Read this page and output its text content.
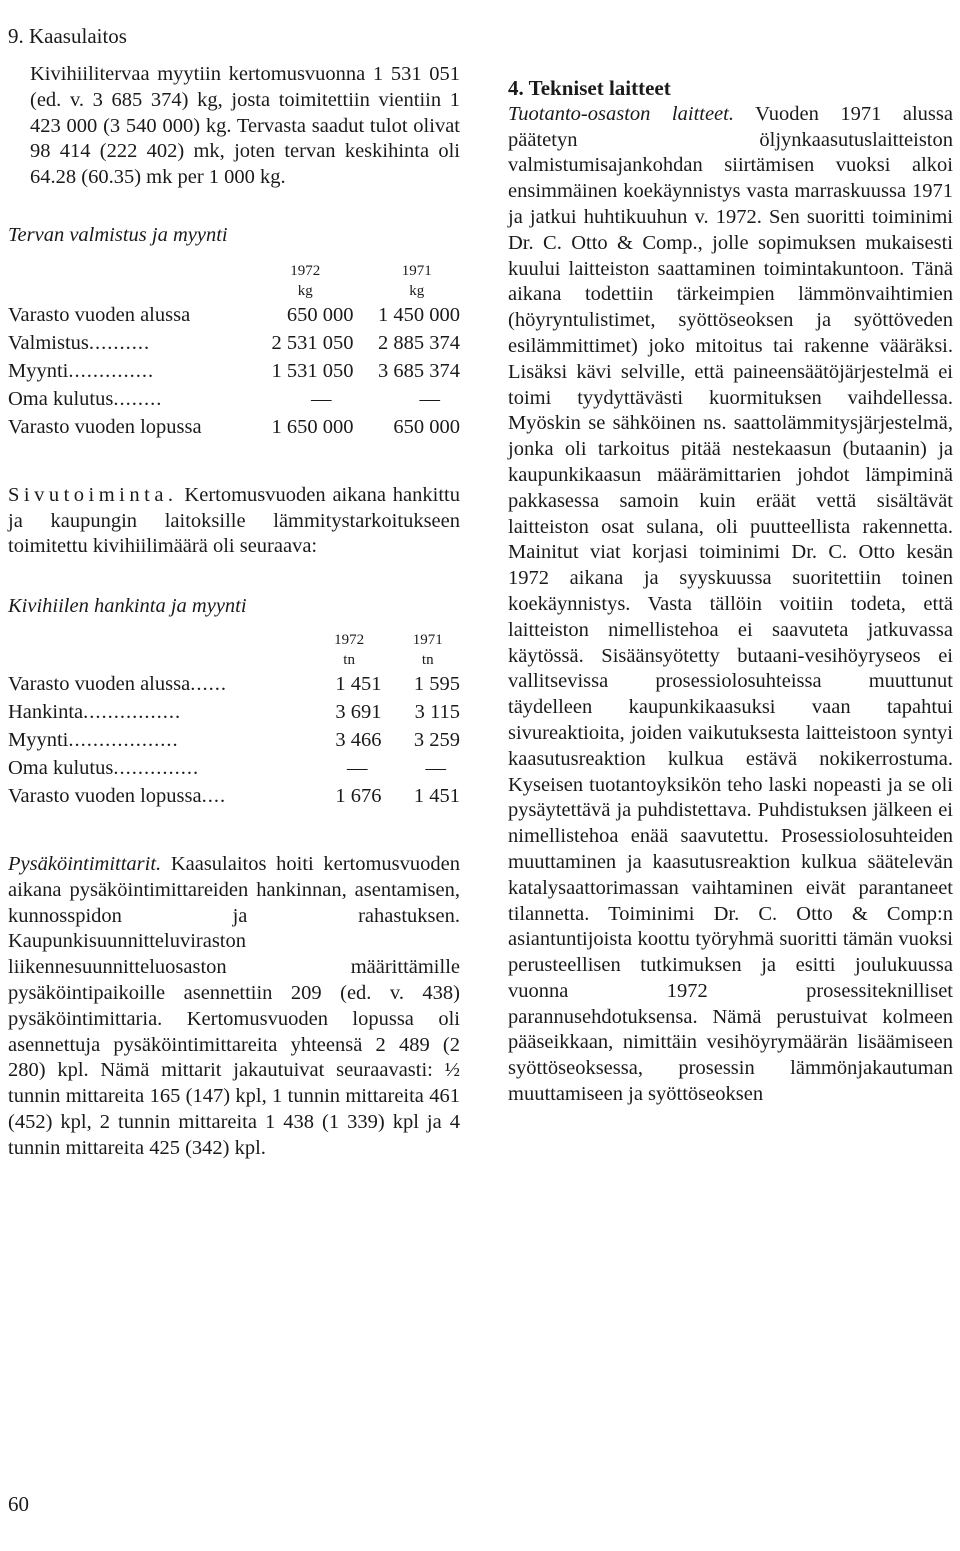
9. Kaasulaitos

Kivihiilitervaa myytiin kertomusvuonna 1 531 051 (ed. v. 3 685 374) kg, josta toimitettiin vientiin 1 423 000 (3 540 000) kg. Tervasta saadut tulot olivat 98 414 (222 402) mk, joten tervan keskihinta oli 64.28 (60.35) mk per 1 000 kg.

Tervan valmistus ja myynti

	1972	1971
	kg	kg
Varasto vuoden alussa	650 000	1 450 000
Valmistus..........	2 531 050	2 885 374
Myynti..............	1 531 050	3 685 374
Oma kulutus........	—	—
Varasto vuoden lopussa	1 650 000	650 000

Sivutoiminta. Kertomusvuoden aikana hankittu ja kaupungin laitoksille lämmitystarkoitukseen toimitettu kivihiilimäärä oli seuraava:

Kivihiilen hankinta ja myynti

	1972	1971
	tn	tn
Varasto vuoden alussa......	1 451	1 595
Hankinta................	3 691	3 115
Myynti..................	3 466	3 259
Oma kulutus..............	—	—
Varasto vuoden lopussa....	1 676	1 451

Pysäköintimittarit. Kaasulaitos hoiti kertomusvuoden aikana pysäköintimittareiden hankinnan, asentamisen, kunnosspidon ja rahastuksen. Kaupunkisuunnitteluviraston liikennesuunnitteluosaston määrittämille pysäköintipaikoille asennettiin 209 (ed. v. 438) pysäköintimittaria. Kertomusvuoden lopussa oli asennettuja pysäköintimittareita yhteensä 2 489 (2 280) kpl. Nämä mittarit jakautuivat seuraavasti: ½ tunnin mittareita 165 (147) kpl, 1 tunnin mittareita 461 (452) kpl, 2 tunnin mittareita 1 438 (1 339) kpl ja 4 tunnin mittareita 425 (342) kpl.

4. Tekniset laitteet

Tuotanto-osaston laitteet. Vuoden 1971 alussa päätetyn öljynkaasutuslaitteiston valmistumisajankohdan siirtämisen vuoksi alkoi ensimmäinen koekäynnistys vasta marraskuussa 1971 ja jatkui huhtikuuhun v. 1972. Sen suoritti toiminimi Dr. C. Otto & Comp., jolle sopimuksen mukaisesti kuului laitteiston saattaminen toimintakuntoon. Tänä aikana todettiin tärkeimpien lämmönvaihtimien (höyryntulistimet, syöttöseoksen ja syöttöveden esilämmittimet) joko mitoitus tai rakenne vääräksi. Lisäksi kävi selville, että paineensäätöjärjestelmä ei toimi tyydyttävästi kuormituksen vaihdellessa. Myöskin se sähköinen ns. saattolämmitysjärjestelmä, jonka oli tarkoitus pitää nestekaasun (butaanin) ja kaupunkikaasun määrämittarien johdot lämpiminä pakkasessa samoin kuin eräät vettä sisältävät laitteiston osat sulana, oli puutteellista rakennetta. Mainitut viat korjasi toiminimi Dr. C. Otto kesän 1972 aikana ja syyskuussa suoritettiin toinen koekäynnistys. Vasta tällöin voitiin todeta, että laitteiston nimellistehoa ei saavuteta jatkuvassa käytössä. Sisäänsyötetty butaani-vesihöyryseos ei vallitsevissa prosessiolosuhteissa muuttunut täydelleen kaupunkikaasuksi vaan tapahtui sivureaktioita, joiden vaikutuksesta laitteistoon syntyi kaasutusreaktion kulkua estävä nokikerrostuma. Kyseisen tuotantoyksikön teho laski nopeasti ja se oli pysäytettävä ja puhdistettava. Puhdistuksen jälkeen ei nimellistehoa enää saavutettu. Prosessiolosuhteiden muuttaminen ja kaasutusreaktion kulkua säätelevän katalysaattorimassan vaihtaminen eivät parantaneet tilannetta. Toiminimi Dr. C. Otto & Comp:n asiantuntijoista koottu työryhmä suoritti tämän vuoksi perusteellisen tutkimuksen ja esitti joulukuussa vuonna 1972 prosessiteknilliset parannusehdotuksensa. Nämä perustuivat kolmeen pääseikkaan, nimittäin vesihöyrymäärän lisäämiseen syöttöseoksessa, prosessin lämmönjakautuman muuttamiseen ja syöttöseoksen

60
